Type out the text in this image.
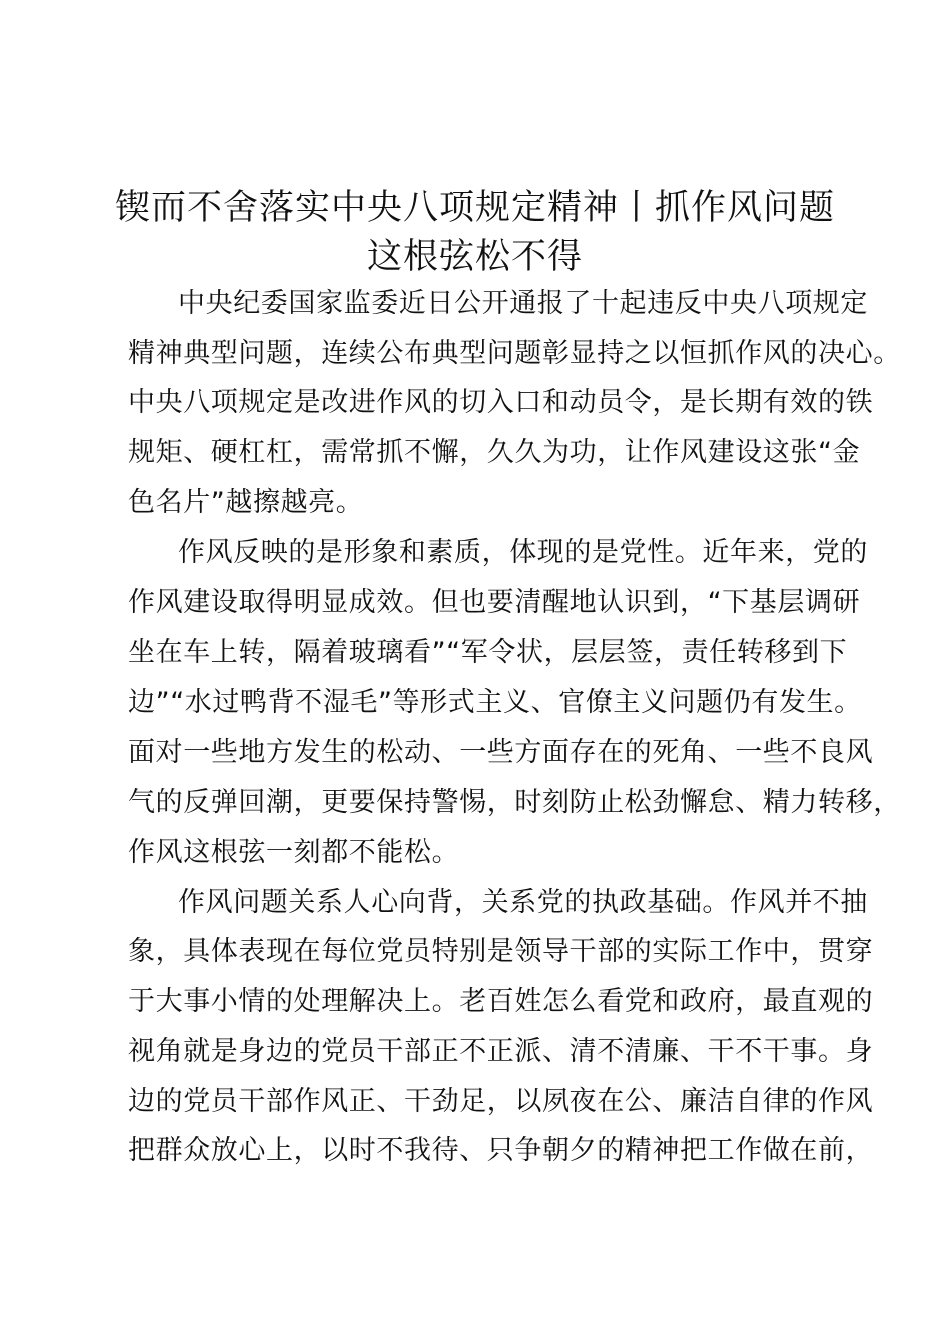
锲而不舍落实中央八项规定精神丨抓作风问题
这根弦松不得
中央纪委国家监委近日公开通报了十起违反中央八项规定
精神典型问题，连续公布典型问题彰显持之以恒抓作风的决心。
中央八项规定是改进作风的切入口和动员令，是长期有效的铁
规矩、硬杠杠，需常抓不懈，久久为功，让作风建设这张“金
色名片”越擦越亮。
作风反映的是形象和素质，体现的是党性。近年来，党的
作风建设取得明显成效。但也要清醒地认识到，“下基层调研
坐在车上转，隔着玻璃看”“军令状，层层签，责任转移到下
边”“水过鸭背不湿毛”等形式主义、官僚主义问题仍有发生。
面对一些地方发生的松动、一些方面存在的死角、一些不良风
气的反弹回潮，更要保持警惕，时刻防止松劲懈怠、精力转移，
作风这根弦一刻都不能松。
作风问题关系人心向背，关系党的执政基础。作风并不抽
象，具体表现在每位党员特别是领导干部的实际工作中，贯穿
于大事小情的处理解决上。老百姓怎么看党和政府，最直观的
视角就是身边的党员干部正不正派、清不清廉、干不干事。身
边的党员干部作风正、干劲足，以夙夜在公、廉洁自律的作风
把群众放心上，以时不我待、只争朝夕的精神把工作做在前，
